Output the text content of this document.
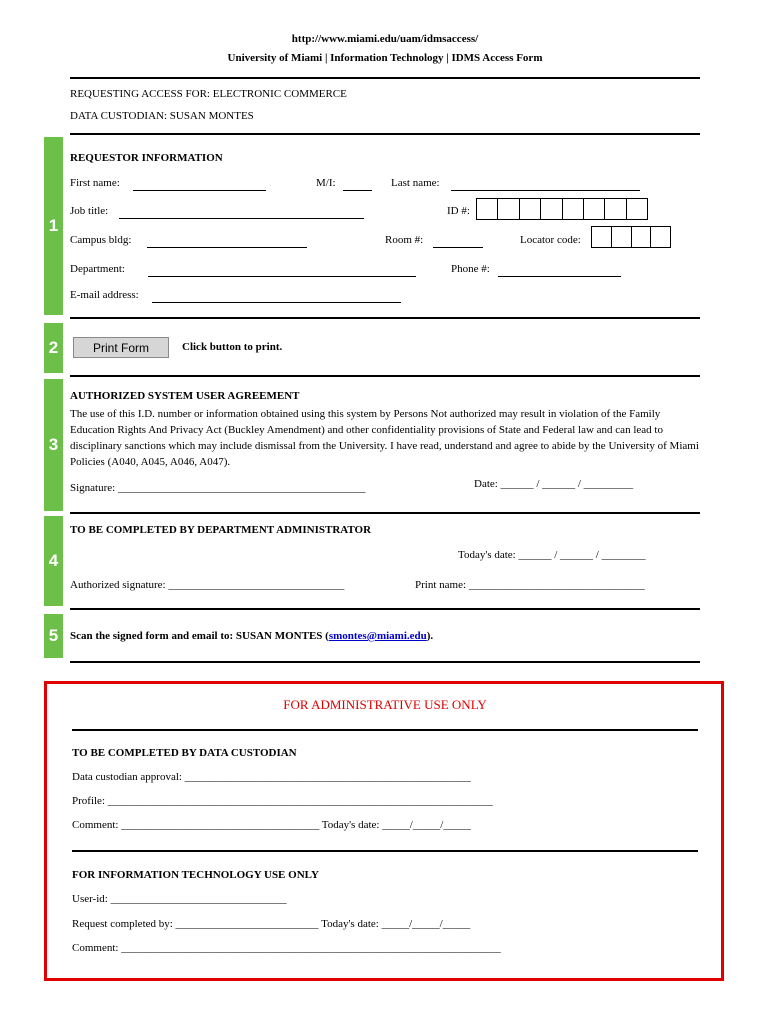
http://www.miami.edu/uam/idmsaccess/
University of Miami | Information Technology | IDMS Access Form
REQUESTING ACCESS FOR: ELECTRONIC COMMERCE
DATA CUSTODIAN: SUSAN MONTES
1
REQUESTOR INFORMATION
First name:	M/I:	Last name:
Job title:	ID #:
Campus bldg:	Room #:	Locator code:
Department:	Phone #:
E-mail address:
2	Print Form	Click button to print.
3
AUTHORIZED SYSTEM USER AGREEMENT
The use of this I.D. number or information obtained using this system by Persons Not authorized may result in violation of the Family Education Rights And Privacy Act (Buckley Amendment) and other confidentiality provisions of State and Federal law and can lead to disciplinary sanctions which may include dismissal from the University. I have read, understand and agree to abide by the University of Miami Policies (A040, A045, A046, A047).
Signature: _____________________________________________	Date: ______ / ______ / _________
4
TO BE COMPLETED BY DEPARTMENT ADMINISTRATOR
Today's date: ______ / ______ / ________
Authorized signature: ________________________________	Print name: ________________________________
5	Scan the signed form and email to: SUSAN MONTES (smontes@miami.edu).
FOR ADMINISTRATIVE USE ONLY
TO BE COMPLETED BY DATA CUSTODIAN
Data custodian approval: ____________________________________________________
Profile: ______________________________________________________________________
Comment: ____________________________________ Today's date: _____/_____/_____
FOR INFORMATION TECHNOLOGY USE ONLY
User-id: ________________________________
Request completed by: __________________________ Today's date: _____/_____/_____
Comment: _____________________________________________________________________
